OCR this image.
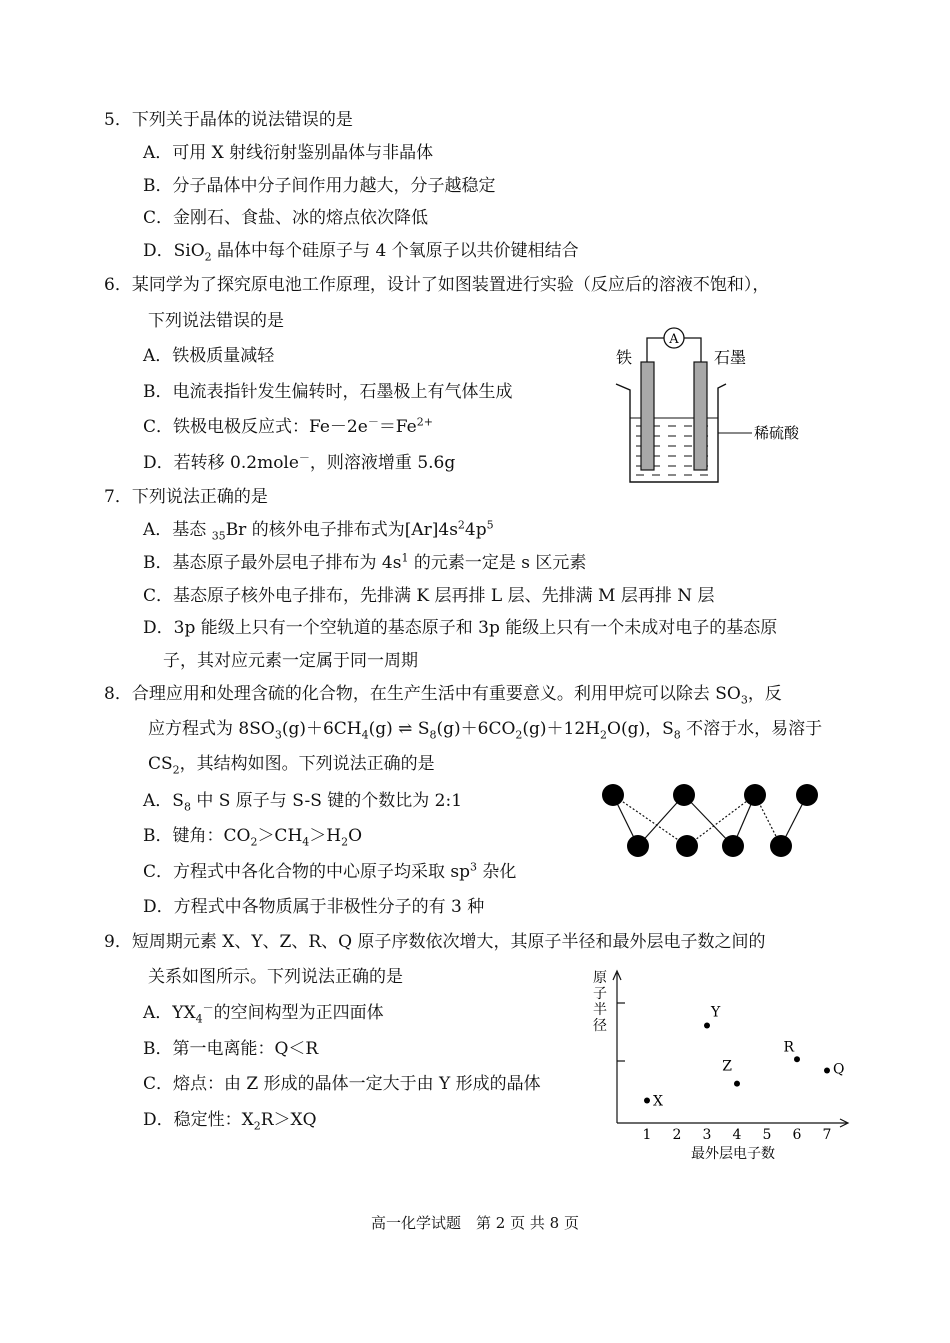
5．下列关于晶体的说法错误的是
A．可用 X 射线衍射鉴别晶体与非晶体
B．分子晶体中分子间作用力越大，分子越稳定
C．金刚石、食盐、冰的熔点依次降低
D．SiO$_2$ 晶体中每个硅原子与 4 个氧原子以共价键相结合
6．某同学为了探究原电池工作原理，设计了如图装置进行实验（反应后的溶液不饱和），
下列说法错误的是
A．铁极质量减轻
B．电流表指针发生偏转时，石墨极上有气体生成
C．铁极电极反应式：$Fe-2e^-=Fe^{2+}$
D．若转移 0.2mole－，则溶液增重 5.6g
A
铁	石墨
稀硫酸
7．下列说法正确的是
A．基态 $_{35}$Br 的核外电子排布式为$[Ar]4s^24p^5$
B．基态原子最外层电子排布为 $4s^1$ 的元素一定是 s 区元素
C．基态原子核外电子排布，先排满 K 层再排 L 层、先排满 M 层再排 N 层
D．3p 能级上只有一个空轨道的基态原子和 3p 能级上只有一个未成对电子的基态原
子，其对应元素一定属于同一周期
8．合理应用和处理含硫的化合物，在生产生活中有重要意义。利用甲烷可以除去 $SO_3$，反
应方程式为 $8SO_3(g)+6CH_4(g)$ ⇌ $S_8(g)+6CO_2(g)+12H_2O(g)$，$S_8$ 不溶于水，易溶于
$CS_2$，其结构如图。下列说法正确的是
A．$S_8$ 中 S 原子与 S-S 键的个数比为 2:1
B．键角：$CO_2>CH_4>H_2O$
C．方程式中各化合物的中心原子均采取 $sp^3$ 杂化
D．方程式中各物质属于非极性分子的有 3 种
9．短周期元素 X、Y、Z、R、Q 原子序数依次增大，其原子半径和最外层电子数之间的
关系如图所示。下列说法正确的是
A．$YX_4^-$的空间构型为正四面体
B．第一电离能：Q＜R
C．熔点：由 Z 形成的晶体一定大于由 Y 形成的晶体
D．稳定性：$X_2R>XQ$
原子半径
1 2 3 4 5 6 7
X
Y
Z
R
Q
最外层电子数
高一化学试题　第 2 页 共 8 页
